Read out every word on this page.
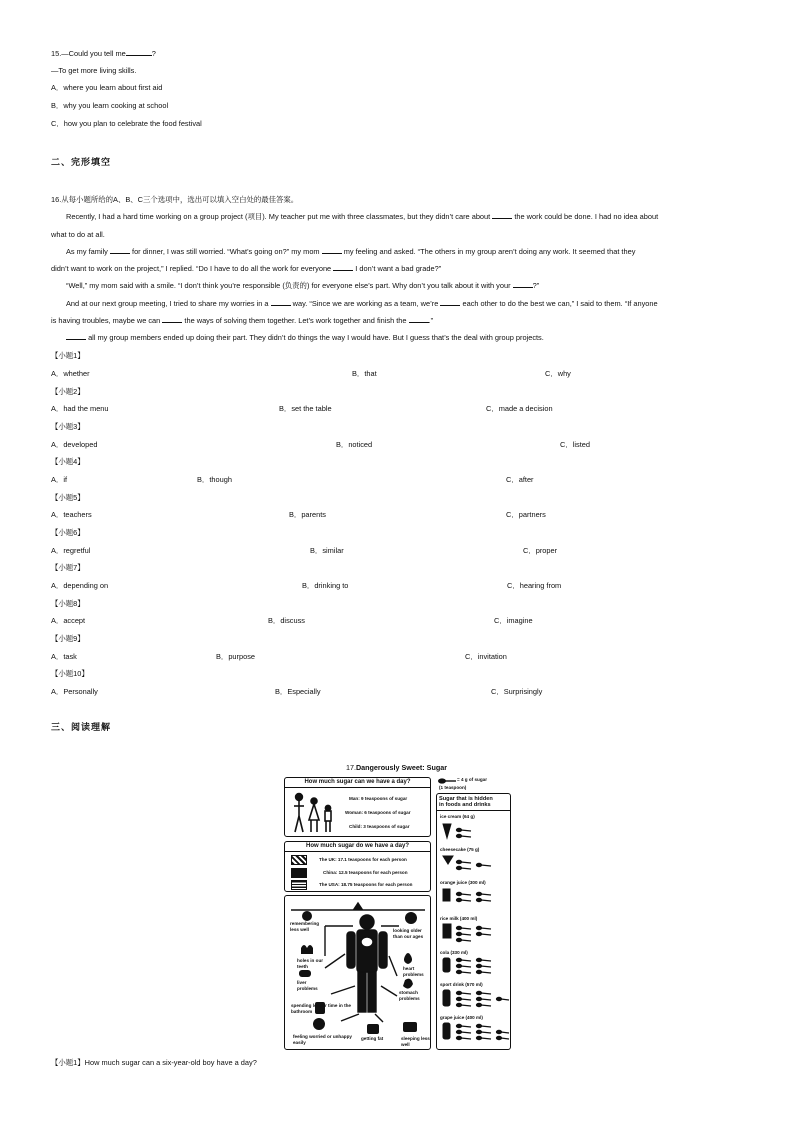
15.—Could you tell me	?
—To get more living skills.
A．where you learn about first aid
B．why you learn cooking at school
C．how you plan to celebrate the food festival
二、完形填空

16.从每小题所给的A、B、C三个选项中，选出可以填入空白处的最佳答案。

Recently, I had a hard time working on a group project (项目). My teacher put me with three classmates, but they didn’t care about	the work could be done. I had no idea about

what to do at all.

As my family	for dinner, I was still worried. “What’s going on?” my mom	my feeling and asked. “The others in my group aren’t doing any work. It seemed that they

didn’t want to work on the project,” I replied. “Do I have to do all the work for everyone	I don’t want a bad grade?”

“Well,” my mom said with a smile. “I don’t think you’re responsible (负责的) for everyone else’s part. Why don’t you talk about it with your	?”

And at our next group meeting, I tried to share my worries in a	way. “Since we are working as a team, we’re	each other to do the best we can,” I said to them. “If anyone

is having troubles, maybe we can	the ways of solving them together. Let’s work together and finish the	.”

all my group members ended up doing their part. They didn’t do things the way I would have. But I guess that’s the deal with group projects.

【小题1】
A．whether	B．that	C．why
【小题2】
A．had the menu	B．set the table	C．made a decision
【小题3】
A．developed	B．noticed	C．listed
【小题4】
A．if	B．though	C．after
【小题5】
A．teachers	B．parents	C．partners
【小题6】
A．regretful	B．similar	C．proper
【小题7】
A．depending on	B．drinking to	C．hearing from
【小题8】
A．accept	B．discuss	C．imagine
【小题9】
A．task	B．purpose	C．invitation
【小题10】
A．Personally	B．Especially	C．Surprisingly
三、阅读理解
17.Dangerously Sweet: Sugar
How much sugar can we have a day?
Man: 9 teaspoons of sugar
Woman: 6 teaspoons of sugar
Child: 3 teaspoons of sugar
How much sugar do we have a day?
The UK: 17.1 teaspoons for each person
China: 12.5 teaspoons for each person
The USA: 18.75 teaspoons for each person
remembering less well	looking older than our ages
holes in our teeth	heart problems
liver problems
stomach problems
spending longer time in the bathroom
feeling worried or unhappy easily
getting fat	sleeping less well
= 4 g of sugar
(1 teaspoon)
Sugar that is hidden
in foods and drinks
ice cream (64 g)
cheesecake (75 g)
orange juice (300 ml)
rice milk (400 ml)
cola (330 ml)
sport drink (570 ml)
grape juice (400 ml)
【小题1】How much sugar can a six-year-old boy have a day?
